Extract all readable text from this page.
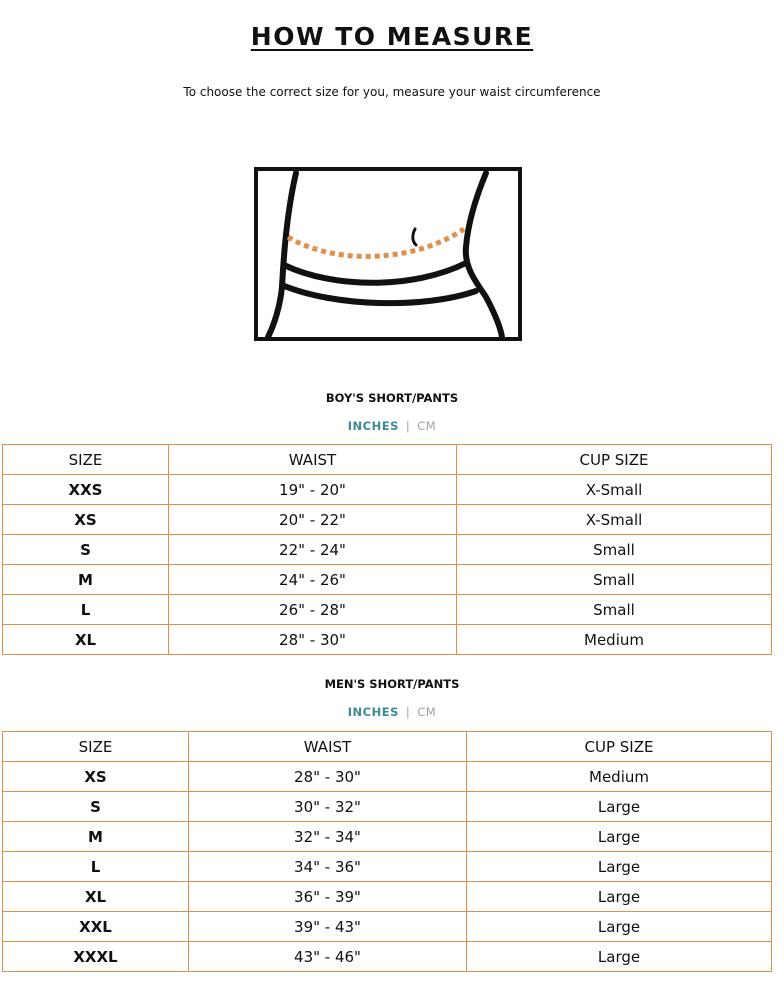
HOW TO MEASURE
To choose the correct size for you, measure your waist circumference
BOY'S SHORT/PANTS
INCHES | CM
SIZE	WAIST	CUP SIZE
XXS	19" - 20"	X-Small
XS	20" - 22"	X-Small
S	22" - 24"	Small
M	24" - 26"	Small
L	26" - 28"	Small
XL	28" - 30"	Medium
MEN'S SHORT/PANTS
INCHES | CM
SIZE	WAIST	CUP SIZE
XS	28" - 30"	Medium
S	30" - 32"	Large
M	32" - 34"	Large
L	34" - 36"	Large
XL	36" - 39"	Large
XXL	39" - 43"	Large
XXXL	43" - 46"	Large
